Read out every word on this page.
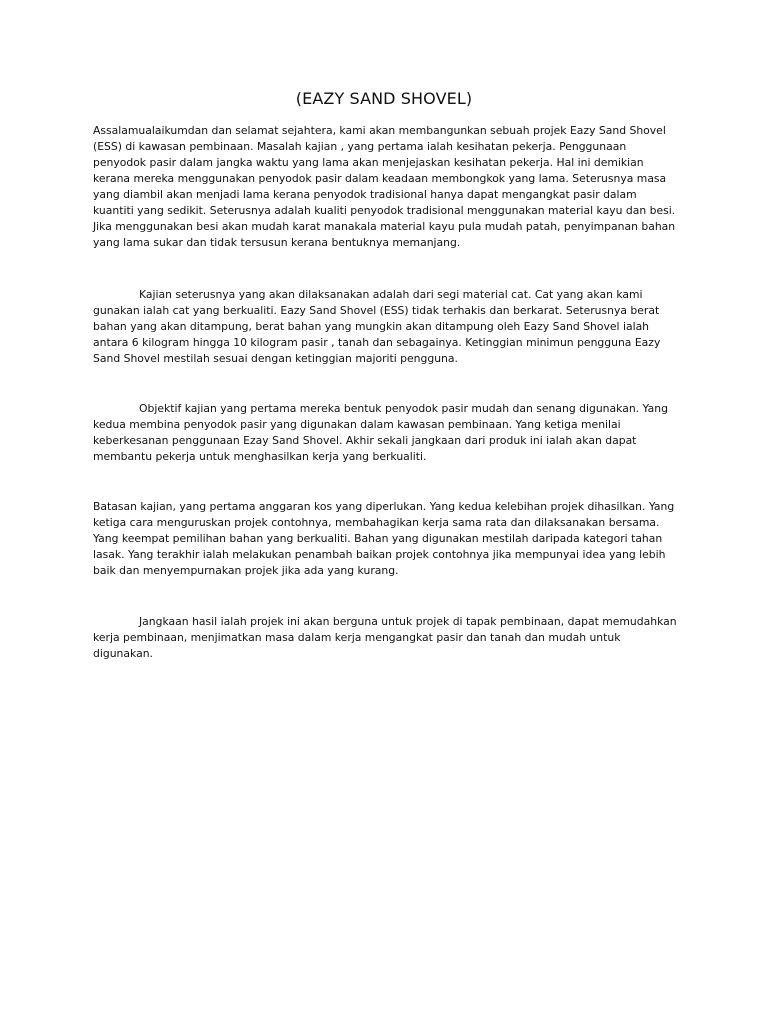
(EAZY SAND SHOVEL)

Assalamualaikumdan dan selamat sejahtera, kami akan membangunkan sebuah projek Eazy Sand Shovel (ESS) di kawasan pembinaan. Masalah kajian , yang pertama ialah kesihatan pekerja. Penggunaan penyodok pasir dalam jangka waktu yang lama akan menjejaskan kesihatan pekerja. Hal ini demikian kerana mereka menggunakan penyodok pasir dalam keadaan membongkok yang lama. Seterusnya masa yang diambil akan menjadi lama kerana penyodok tradisional hanya dapat mengangkat pasir dalam kuantiti yang sedikit. Seterusnya adalah kualiti penyodok tradisional menggunakan material kayu dan besi. Jika menggunakan besi akan mudah karat manakala material kayu pula mudah patah, penyimpanan bahan yang lama sukar dan tidak tersusun kerana bentuknya memanjang.

Kajian seterusnya yang akan dilaksanakan adalah dari segi material cat. Cat yang akan kami gunakan ialah cat yang berkualiti. Eazy Sand Shovel (ESS) tidak terhakis dan berkarat. Seterusnya berat bahan yang akan ditampung, berat bahan yang mungkin akan ditampung oleh Eazy Sand Shovel ialah antara 6 kilogram hingga 10 kilogram pasir , tanah dan sebagainya. Ketinggian minimun pengguna Eazy Sand Shovel mestilah sesuai dengan ketinggian majoriti pengguna.

Objektif kajian yang pertama mereka bentuk penyodok pasir mudah dan senang digunakan. Yang kedua membina penyodok pasir yang digunakan dalam kawasan pembinaan. Yang ketiga menilai keberkesanan penggunaan Ezay Sand Shovel. Akhir sekali jangkaan dari produk ini ialah akan dapat membantu pekerja untuk menghasilkan kerja yang berkualiti.

Batasan kajian, yang pertama anggaran kos yang diperlukan. Yang kedua kelebihan projek dihasilkan. Yang ketiga cara menguruskan projek contohnya, membahagikan kerja sama rata dan dilaksanakan bersama. Yang keempat pemilihan bahan yang berkualiti. Bahan yang digunakan mestilah daripada kategori tahan lasak. Yang terakhir ialah melakukan penambah baikan projek contohnya jika mempunyai idea yang lebih baik dan menyempurnakan projek jika ada yang kurang.

Jangkaan hasil ialah projek ini akan berguna untuk projek di tapak pembinaan, dapat memudahkan kerja pembinaan, menjimatkan masa dalam kerja mengangkat pasir dan tanah dan mudah untuk digunakan.
